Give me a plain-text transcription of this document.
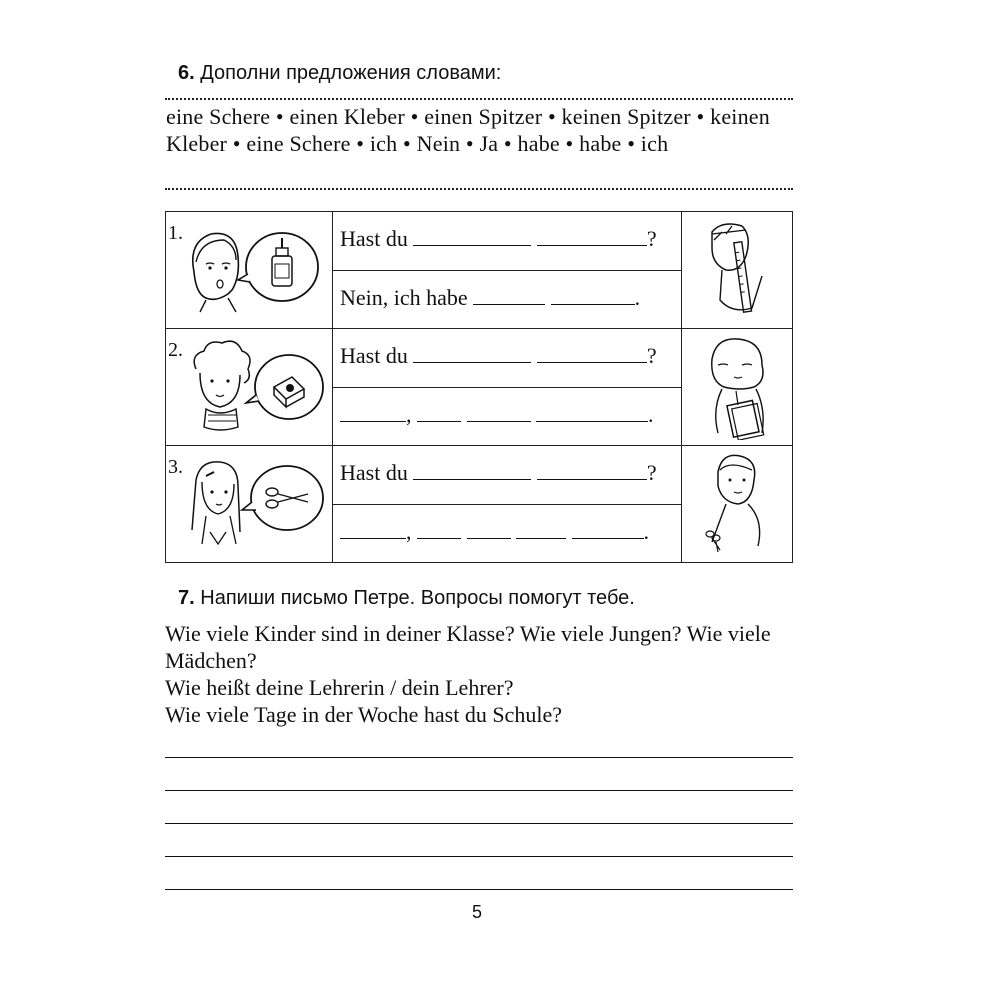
6. Дополни предложения словами:
eine Schere • einen Kleber • einen Spitzer • keinen Spitzer • keinen Kleber • eine Schere • ich • Nein • Ja • habe • habe • ich
1.	Hast du ?

	Nein, ich habe .	

2.	Hast du ?

	, .	

3.	Hast du ?

	, .	
7. Напиши письмо Петре. Вопросы помогут тебе.
Wie viele Kinder sind in deiner Klasse? Wie viele Jungen? Wie viele Mädchen?
Wie heißt deine Lehrerin / dein Lehrer?
Wie viele Tage in der Woche hast du Schule?
5
